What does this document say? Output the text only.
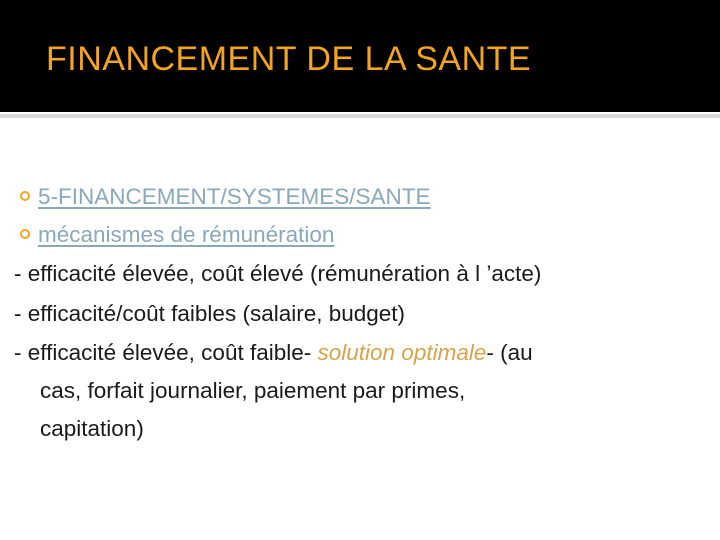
FINANCEMENT DE LA SANTE
5-FINANCEMENT/SYSTEMES/SANTE
mécanismes de rémunération
- efficacité élevée, coût élevé (rémunération à l ’acte)
- efficacité/coût faibles (salaire, budget)
- efficacité élevée, coût faible- solution optimale- (au
cas, forfait journalier, paiement par primes,
capitation)
